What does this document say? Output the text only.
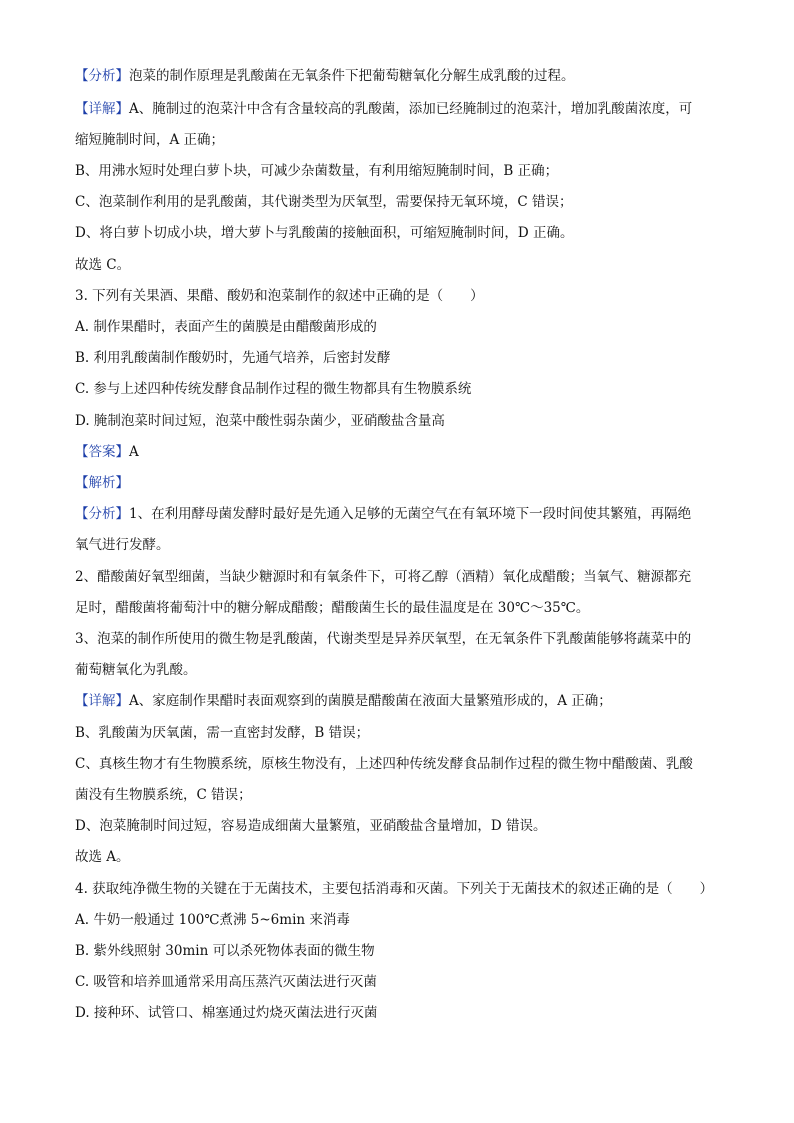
【分析】泡菜的制作原理是乳酸菌在无氧条件下把葡萄糖氧化分解生成乳酸的过程。
【详解】A、腌制过的泡菜汁中含有含量较高的乳酸菌，添加已经腌制过的泡菜汁，增加乳酸菌浓度，可
缩短腌制时间，A 正确；
B、用沸水短时处理白萝卜块，可减少杂菌数量，有利用缩短腌制时间，B 正确；
C、泡菜制作利用的是乳酸菌，其代谢类型为厌氧型，需要保持无氧环境，C 错误；
D、将白萝卜切成小块，增大萝卜与乳酸菌的接触面积，可缩短腌制时间，D 正确。
故选 C。
3. 下列有关果酒、果醋、酸奶和泡菜制作的叙述中正确的是（　　）
A. 制作果醋时，表面产生的菌膜是由醋酸菌形成的
B. 利用乳酸菌制作酸奶时，先通气培养，后密封发酵
C. 参与上述四种传统发酵食品制作过程的微生物都具有生物膜系统
D. 腌制泡菜时间过短，泡菜中酸性弱杂菌少，亚硝酸盐含量高
【答案】A
【解析】
【分析】1、在利用酵母菌发酵时最好是先通入足够的无菌空气在有氧环境下一段时间使其繁殖，再隔绝
氧气进行发酵。
2、醋酸菌好氧型细菌，当缺少糖源时和有氧条件下，可将乙醇（酒精）氧化成醋酸；当氧气、糖源都充
足时，醋酸菌将葡萄汁中的糖分解成醋酸；醋酸菌生长的最佳温度是在 30℃～35℃。
3、泡菜的制作所使用的微生物是乳酸菌，代谢类型是异养厌氧型，在无氧条件下乳酸菌能够将蔬菜中的
葡萄糖氧化为乳酸。
【详解】A、家庭制作果醋时表面观察到的菌膜是醋酸菌在液面大量繁殖形成的，A 正确；
B、乳酸菌为厌氧菌，需一直密封发酵，B 错误；
C、真核生物才有生物膜系统，原核生物没有，上述四种传统发酵食品制作过程的微生物中醋酸菌、乳酸
菌没有生物膜系统，C 错误；
D、泡菜腌制时间过短，容易造成细菌大量繁殖，亚硝酸盐含量增加，D 错误。
故选 A。
4. 获取纯净微生物的关键在于无菌技术，主要包括消毒和灭菌。下列关于无菌技术的叙述正确的是（　　）
A. 牛奶一般通过 100℃煮沸 5~6min 来消毒
B. 紫外线照射 30min 可以杀死物体表面的微生物
C. 吸管和培养皿通常采用高压蒸汽灭菌法进行灭菌
D. 接种环、试管口、棉塞通过灼烧灭菌法进行灭菌
